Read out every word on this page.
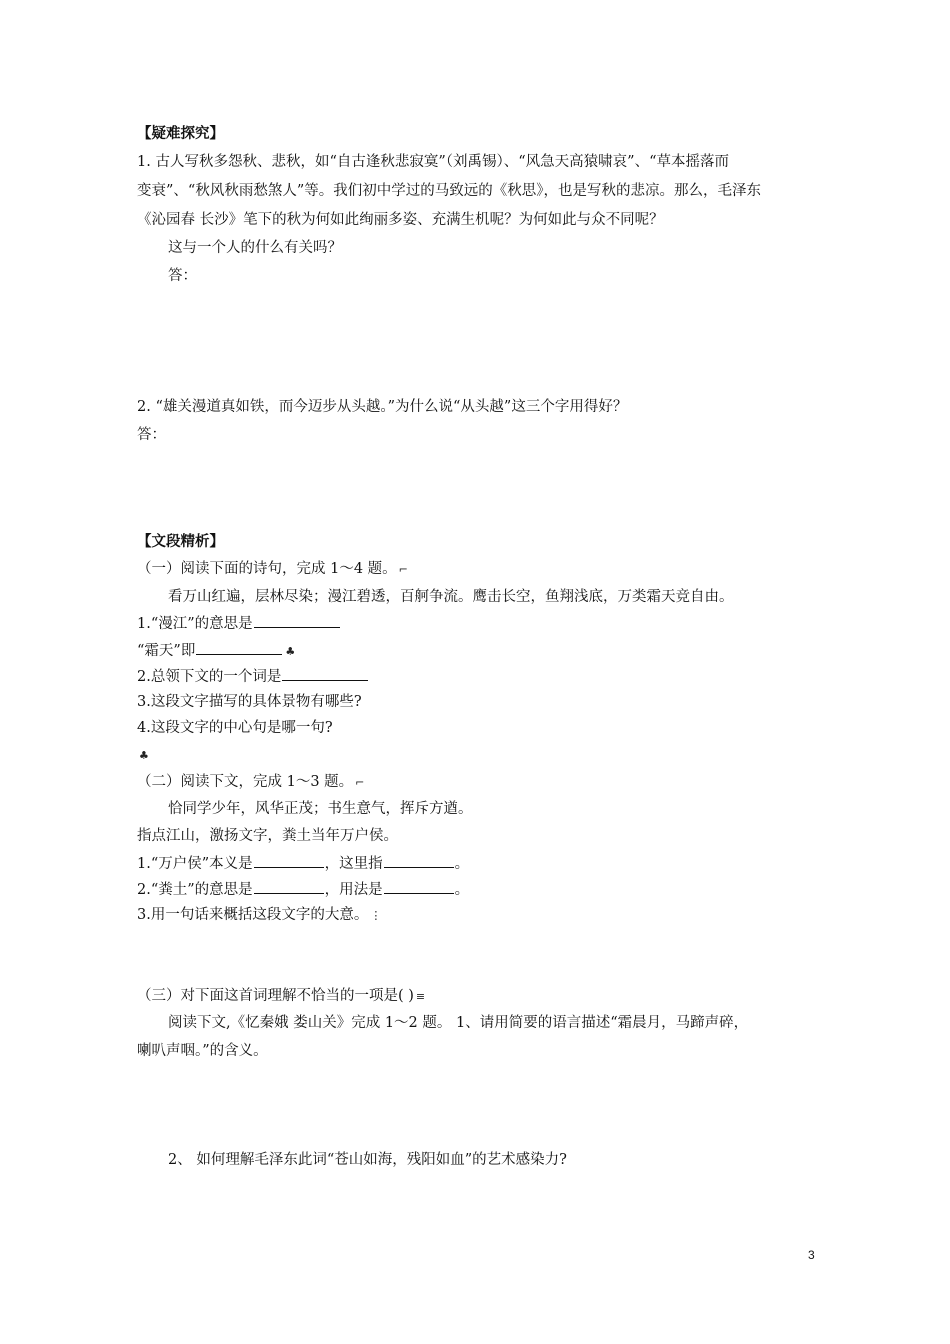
【疑难探究】
1. 古人写秋多怨秋、悲秋，如“自古逢秋悲寂寞”（刘禹锡）、“风急天高猿啸哀”、“草本摇落而
变衰”、“秋风秋雨愁煞人”等。我们初中学过的马致远的《秋思》，也是写秋的悲凉。那么，毛泽东
《沁园春 长沙》笔下的秋为何如此绚丽多姿、充满生机呢？为何如此与众不同呢？
这与一个人的什么有关吗？
答：
2. “雄关漫道真如铁，而今迈步从头越。”为什么说“从头越”这三个字用得好？
答：
【文段精析】
（一）阅读下面的诗句，完成 1～4 题。 ⌐
看万山红遍，层林尽染；漫江碧透，百舸争流。鹰击长空，鱼翔浅底，万类霜天竞自由。
1.“漫江”的意思是
“霜天”即	♣
2.总领下文的一个词是
3.这段文字描写的具体景物有哪些?
4.这段文字的中心句是哪一句?
♣
（二）阅读下文，完成 1～3 题。 ⌐
恰同学少年，风华正茂；书生意气，挥斥方遒。
指点江山，激扬文字，粪土当年万户侯。
1.“万户侯”本义是	，这里指	。
2.“粪土”的意思是	，用法是	。
3.用一句话来概括这段文字的大意。 ⋮
（三）对下面这首词理解不恰当的一项是( ) ≡
阅读下文,《忆秦娥 娄山关》完成 1～2 题。 1、请用简要的语言描述“霜晨月，马蹄声碎，
喇叭声咽。”的含义。
2、 如何理解毛泽东此词“苍山如海，残阳如血”的艺术感染力?
3
